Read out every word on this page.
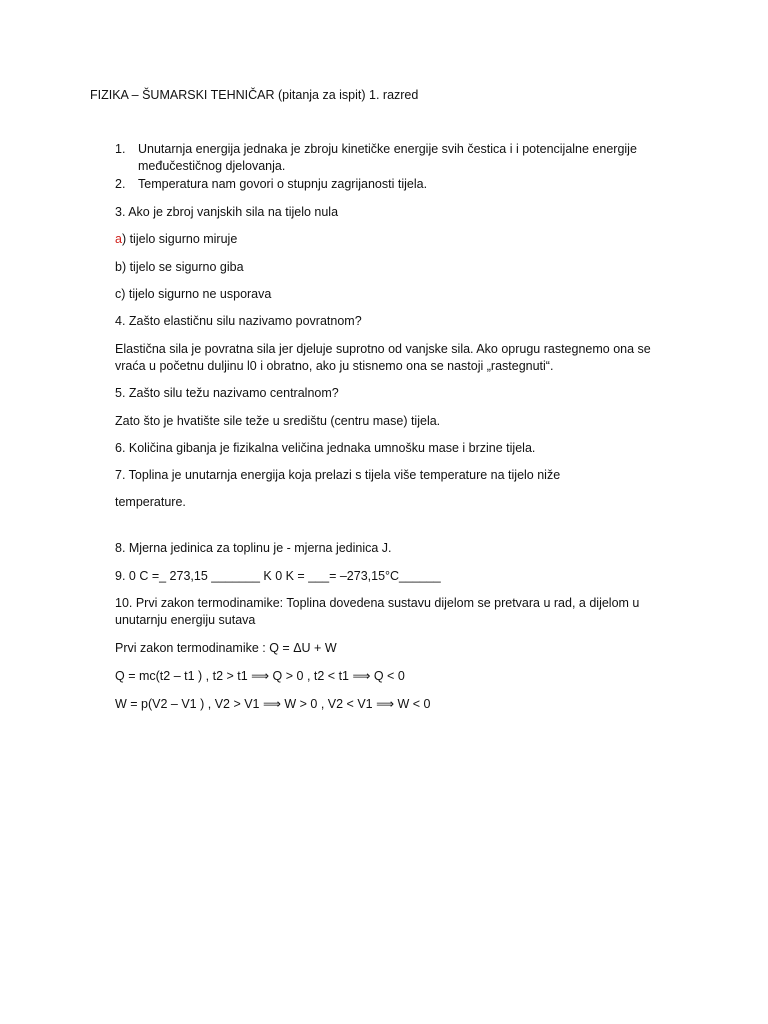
FIZIKA – ŠUMARSKI TEHNIČAR (pitanja za ispit) 1. razred
1. Unutarnja energija jednaka je zbroju kinetičke energije svih čestica i i potencijalne energije
međučestičnog djelovanja.
2. Temperatura nam govori o stupnju zagrijanosti tijela.
3. Ako je zbroj vanjskih sila na tijelo nula
a) tijelo sigurno miruje
b) tijelo se sigurno giba
c) tijelo sigurno ne usporava
4. Zašto elastičnu silu nazivamo povratnom?
Elastična sila je povratna sila jer djeluje suprotno od vanjske sila. Ako oprugu rastegnemo ona se
vraća u početnu duljinu l0 i obratno, ako ju stisnemo ona se nastoji „rastegnuti“.
5. Zašto silu težu nazivamo centralnom?
Zato što je hvatište sile teže u središtu (centru mase) tijela.
6. Količina gibanja je fizikalna veličina jednaka umnošku mase i brzine tijela.
7. Toplina je unutarnja energija koja prelazi s tijela više temperature na tijelo niže
temperature.
8. Mjerna jedinica za toplinu je - mjerna jedinica J.
9. 0 C =_ 273,15 _______ K 0 K = ___= –273,15°C______
10. Prvi zakon termodinamike: Toplina dovedena sustavu dijelom se pretvara u rad, a dijelom u
unutarnju energiju sutava
Prvi zakon termodinamike : Q = ΔU + W
Q = mc(t2 – t1 ) , t2 > t1 ⟹ Q > 0 , t2 < t1 ⟹ Q < 0
W = p(V2 – V1 ) , V2 > V1 ⟹ W > 0 , V2 < V1 ⟹ W < 0
